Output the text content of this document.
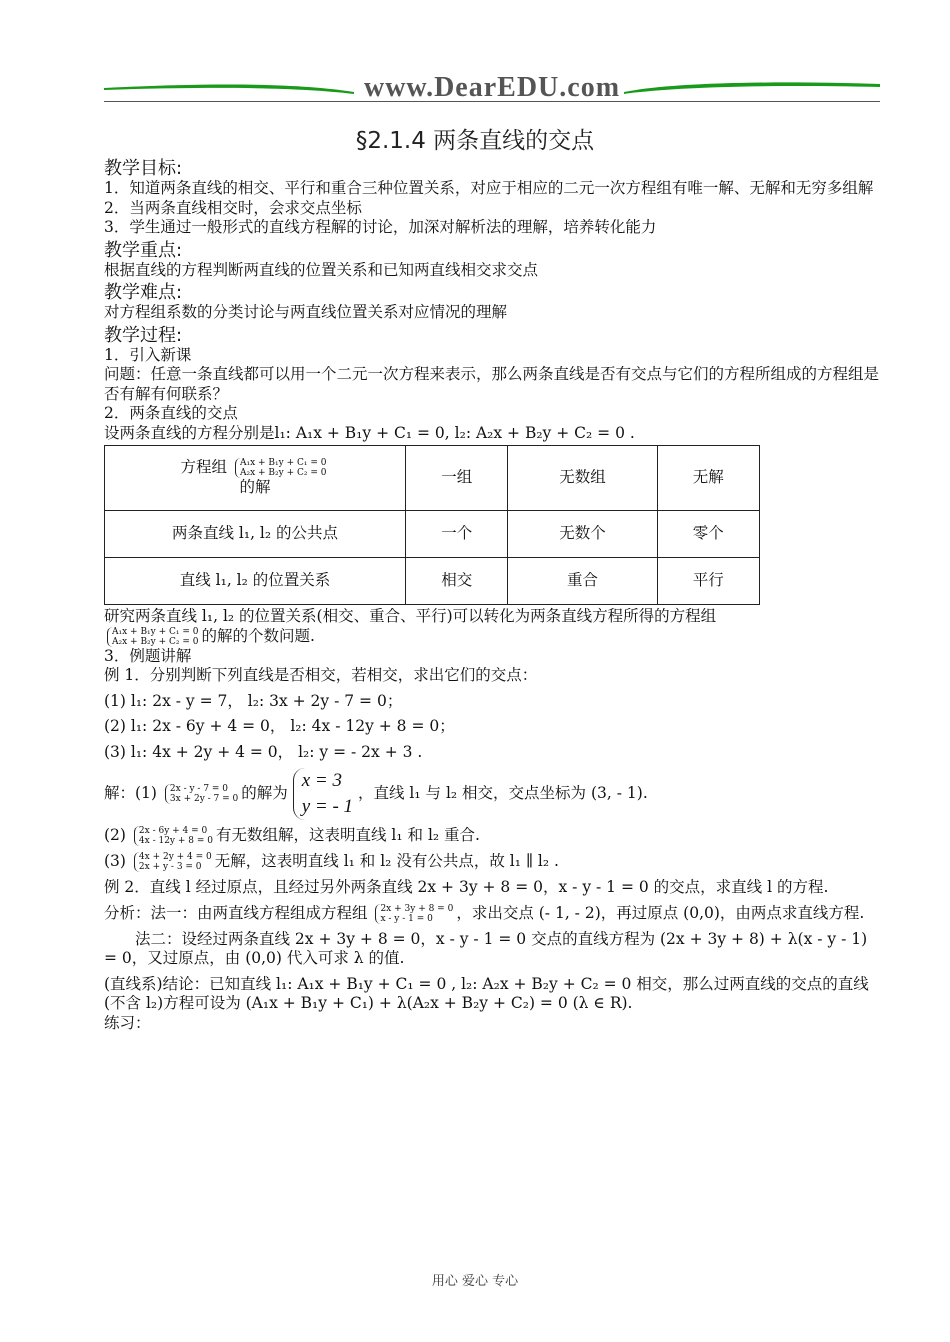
www.DearEDU.com
§2.1.4 两条直线的交点
教学目标:

1．知道两条直线的相交、平行和重合三种位置关系，对应于相应的二元一次方程组有唯一解、无解和无穷多组解

2．当两条直线相交时，会求交点坐标

3．学生通过一般形式的直线方程解的讨论，加深对解析法的理解，培养转化能力

教学重点:

根据直线的方程判断两直线的位置关系和已知两直线相交求交点

教学难点:

对方程组系数的分类讨论与两直线位置关系对应情况的理解

教学过程:

1．引入新课

问题：任意一条直线都可以用一个二元一次方程来表示，那么两条直线是否有交点与它们的方程所组成的方程组是否有解有何联系？

2．两条直线的交点

设两条直线的方程分别是l₁: A₁x + B₁y + C₁ = 0, l₂: A₂x + B₂y + C₂ = 0 .

方程组 A₁x + B₁y + C₁ = 0
A₂x + B₂y + C₂ = 0
的解	一组	无数组	无解
两条直线 l₁, l₂ 的公共点	一个	无数个	零个
直线 l₁, l₂ 的位置关系	相交	重合	平行

研究两条直线 l₁, l₂ 的位置关系(相交、重合、平行)可以转化为两条直线方程所得的方程组

A₁x + B₁y + C₁ = 0
A₂x + B₂y + C₂ = 0 的解的个数问题.

3．例题讲解

例 1．分别判断下列直线是否相交，若相交，求出它们的交点：

(1) l₁: 2x - y = 7， l₂: 3x + 2y - 7 = 0；

(2) l₁: 2x - 6y + 4 = 0， l₂: 4x - 12y + 8 = 0；

(3) l₁: 4x + 2y + 4 = 0， l₂: y = - 2x + 3 .

解：(1) 2x - y - 7 = 0
3x + 2y - 7 = 0 的解为 x = 3
y = - 1 ，直线 l₁ 与 l₂ 相交，交点坐标为 (3, - 1).

(2) 2x - 6y + 4 = 0
4x - 12y + 8 = 0 有无数组解，这表明直线 l₁ 和 l₂ 重合.

(3) 4x + 2y + 4 = 0
2x + y - 3 = 0 无解，这表明直线 l₁ 和 l₂ 没有公共点，故 l₁ ∥ l₂ .

例 2．直线 l 经过原点，且经过另外两条直线 2x + 3y + 8 = 0，x - y - 1 = 0 的交点，求直线 l 的方程.

分析：法一：由两直线方程组成方程组 2x + 3y + 8 = 0
x - y - 1 = 0 ，求出交点 (- 1, - 2)，再过原点 (0,0)，由两点求直线方程.

法二：设经过两条直线 2x + 3y + 8 = 0，x - y - 1 = 0 交点的直线方程为 (2x + 3y + 8) + λ(x - y - 1) = 0，又过原点，由 (0,0) 代入可求 λ 的值.

(直线系)结论：已知直线 l₁: A₁x + B₁y + C₁ = 0 , l₂: A₂x + B₂y + C₂ = 0 相交，那么过两直线的交点的直线(不含 l₂)方程可设为 (A₁x + B₁y + C₁) + λ(A₂x + B₂y + C₂) = 0 (λ ∈ R).

练习：

用心 爱心 专心
